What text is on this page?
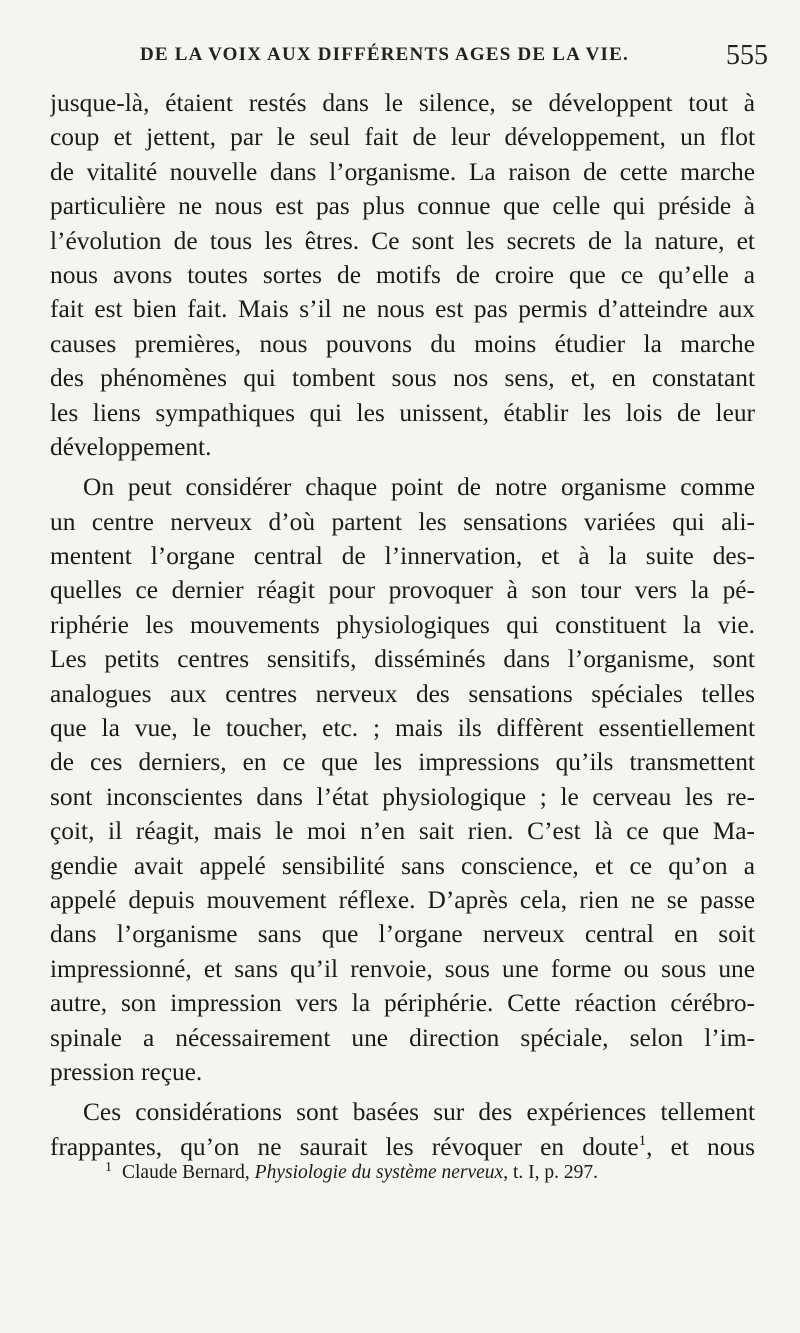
DE LA VOIX AUX DIFFÉRENTS AGES DE LA VIE.	555
jusque-là, étaient restés dans le silence, se développent tout à
coup et jettent, par le seul fait de leur développement, un flot
de vitalité nouvelle dans l’organisme. La raison de cette marche
particulière ne nous est pas plus connue que celle qui préside à
l’évolution de tous les êtres. Ce sont les secrets de la nature, et
nous avons toutes sortes de motifs de croire que ce qu’elle a
fait est bien fait. Mais s’il ne nous est pas permis d’atteindre aux
causes premières, nous pouvons du moins étudier la marche
des phénomènes qui tombent sous nos sens, et, en constatant
les liens sympathiques qui les unissent, établir les lois de leur
développement.
On peut considérer chaque point de notre organisme comme
un centre nerveux d’où partent les sensations variées qui ali-
mentent l’organe central de l’innervation, et à la suite des-
quelles ce dernier réagit pour provoquer à son tour vers la pé-
riphérie les mouvements physiologiques qui constituent la vie.
Les petits centres sensitifs, disséminés dans l’organisme, sont
analogues aux centres nerveux des sensations spéciales telles
que la vue, le toucher, etc. ; mais ils diffèrent essentiellement
de ces derniers, en ce que les impressions qu’ils transmettent
sont inconscientes dans l’état physiologique ; le cerveau les re-
çoit, il réagit, mais le moi n’en sait rien. C’est là ce que Ma-
gendie avait appelé sensibilité sans conscience, et ce qu’on a
appelé depuis mouvement réflexe. D’après cela, rien ne se passe
dans l’organisme sans que l’organe nerveux central en soit
impressionné, et sans qu’il renvoie, sous une forme ou sous une
autre, son impression vers la périphérie. Cette réaction cérébro-
spinale a nécessairement une direction spéciale, selon l’im-
pression reçue.
Ces considérations sont basées sur des expériences tellement
frappantes, qu’on ne saurait les révoquer en doute$^1$, et nous
$^1$ Claude Bernard, Physiologie du système nerveux, t. I, p. 297.
